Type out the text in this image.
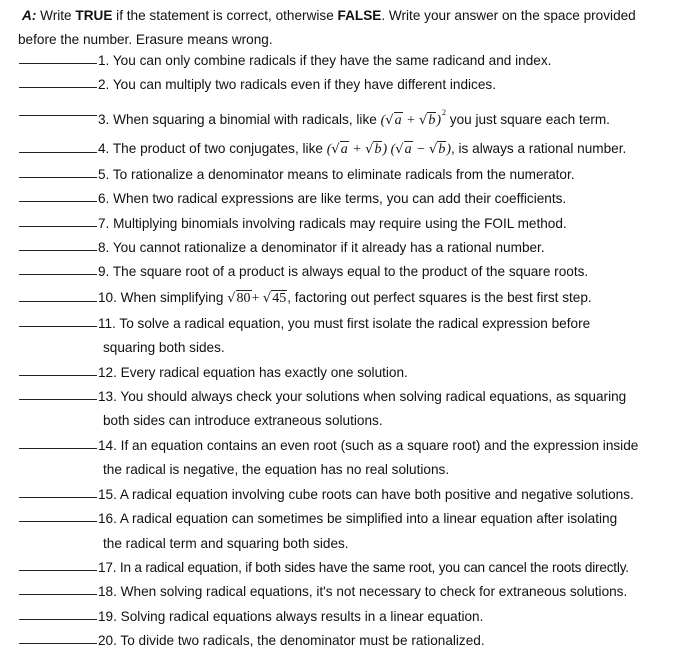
A: Write TRUE if the statement is correct, otherwise FALSE. Write your answer on the space provided
before the number. Erasure means wrong.
1. You can only combine radicals if they have the same radicand and index.
2. You can multiply two radicals even if they have different indices.
3. When squaring a binomial with radicals, like $(√a + √b)^2$ you just square each term.
4. The product of two conjugates, like (√a + √b) (√a − √b), is always a rational number.
5. To rationalize a denominator means to eliminate radicals from the numerator.
6. When two radical expressions are like terms, you can add their coefficients.
7. Multiplying binomials involving radicals may require using the FOIL method.
8. You cannot rationalize a denominator if it already has a rational number.
9. The square root of a product is always equal to the product of the square roots.
10. When simplifying √80+ √45, factoring out perfect squares is the best first step.
11. To solve a radical equation, you must first isolate the radical expression before
squaring both sides.
12. Every radical equation has exactly one solution.
13. You should always check your solutions when solving radical equations, as squaring
both sides can introduce extraneous solutions.
14. If an equation contains an even root (such as a square root) and the expression inside
the radical is negative, the equation has no real solutions.
15. A radical equation involving cube roots can have both positive and negative solutions.
16. A radical equation can sometimes be simplified into a linear equation after isolating
the radical term and squaring both sides.
17. In a radical equation, if both sides have the same root, you can cancel the roots directly.
18. When solving radical equations, it's not necessary to check for extraneous solutions.
19. Solving radical equations always results in a linear equation.
20. To divide two radicals, the denominator must be rationalized.
